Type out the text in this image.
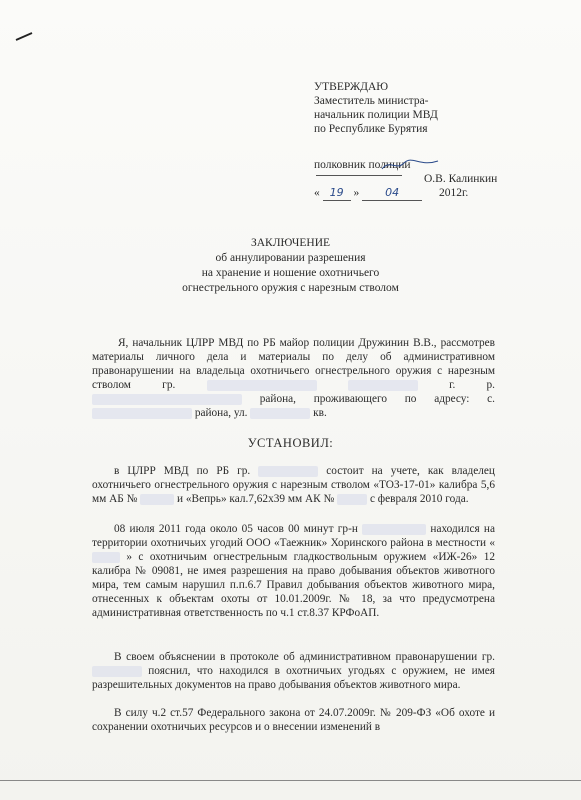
УТВЕРЖДАЮ
Заместитель министра-
начальник полиции МВД
по Республике Бурятия
полковник полиции
О.В. Калинкин
« 19 » 04	2012г.
ЗАКЛЮЧЕНИЕ
об аннулировании разрешения
на хранение и ношение охотничьего
огнестрельного оружия с нарезным стволом
Я, начальник ЦЛРР МВД по РБ майор полиции Дружинин В.В., рассмотрев материалы личного дела и материалы по делу об административном правонарушении на владельца охотничьего огнестрельного оружия с нарезным стволом гр.	г. р.  района, проживающего по адресу: с.  района, ул.	кв.
УСТАНОВИЛ:
в ЦЛРР МВД по РБ гр.	состоит на учете, как владелец охотничьего огнестрельного оружия с нарезным стволом «ТОЗ-17-01» калибра 5,6 мм АБ №	и «Вепрь» кал.7,62х39 мм АК №	с февраля 2010 года.
08 июля 2011 года около 05 часов 00 минут гр-н	находился на территории охотничьих угодий ООО «Таежник» Хоринского района в местности «  » с охотничьим огнестрельным гладкоствольным оружием «ИЖ-26» 12 калибра № 09081, не имея разрешения на право добывания объектов животного мира, тем самым нарушил п.п.6.7 Правил добывания объектов животного мира, отнесенных к объектам охоты от 10.01.2009г. № 18, за что предусмотрена административная ответственность по ч.1 ст.8.37 КРФоАП.
В своем объяснении в протоколе об административном правонарушении гр.  пояснил, что находился в охотничьих угодьях с оружием, не имея разрешительных документов на право добывания объектов животного мира.
В силу ч.2 ст.57 Федерального закона от 24.07.2009г. № 209-ФЗ «Об охоте и сохранении охотничьих ресурсов и о внесении изменений в
